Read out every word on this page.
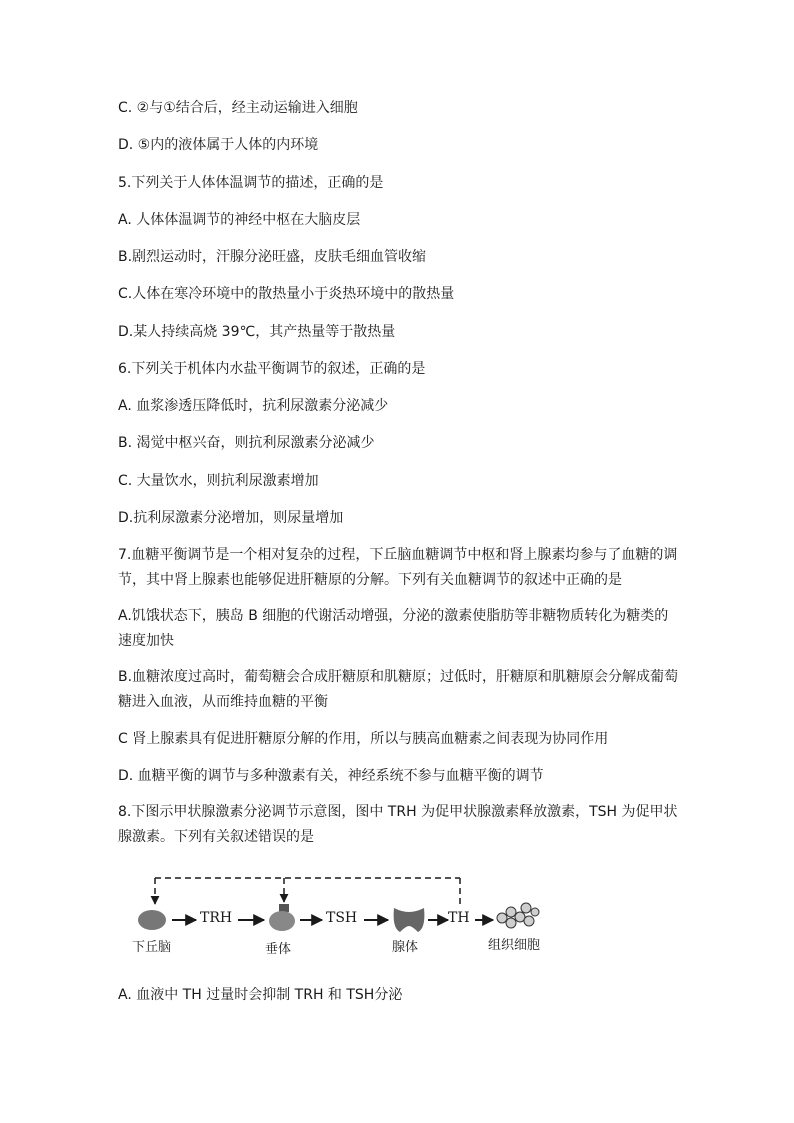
C. ②与①结合后，经主动运输进入细胞
D. ⑤内的液体属于人体的内环境
5.下列关于人体体温调节的描述，正确的是
A. 人体体温调节的神经中枢在大脑皮层
B.剧烈运动时，汗腺分泌旺盛，皮肤毛细血管收缩
C.人体在寒冷环境中的散热量小于炎热环境中的散热量
D.某人持续高烧 39℃，其产热量等于散热量
6.下列关于机体内水盐平衡调节的叙述，正确的是
A. 血浆渗透压降低时，抗利尿激素分泌减少
B. 渴觉中枢兴奋，则抗利尿激素分泌减少
C. 大量饮水，则抗利尿激素增加
D.抗利尿激素分泌增加，则尿量增加
7.血糖平衡调节是一个相对复杂的过程，下丘脑血糖调节中枢和肾上腺素均参与了血糖的调
节，其中肾上腺素也能够促进肝糖原的分解。下列有关血糖调节的叙述中正确的是
A.饥饿状态下，胰岛 B 细胞的代谢活动增强，分泌的激素使脂肪等非糖物质转化为糖类的
速度加快
B.血糖浓度过高时，葡萄糖会合成肝糖原和肌糖原；过低时，肝糖原和肌糖原会分解成葡萄
糖进入血液，从而维持血糖的平衡
C 肾上腺素具有促进肝糖原分解的作用，所以与胰高血糖素之间表现为协同作用
D. 血糖平衡的调节与多种激素有关，神经系统不参与血糖平衡的调节
8.下图示甲状腺激素分泌调节示意图，图中 TRH 为促甲状腺激素释放激素，TSH 为促甲状
腺激素。下列有关叙述错误的是
TRH	TSH	TH
下丘脑	垂体	腺体	组织细胞
A. 血液中 TH 过量时会抑制 TRH 和 TSH分泌
